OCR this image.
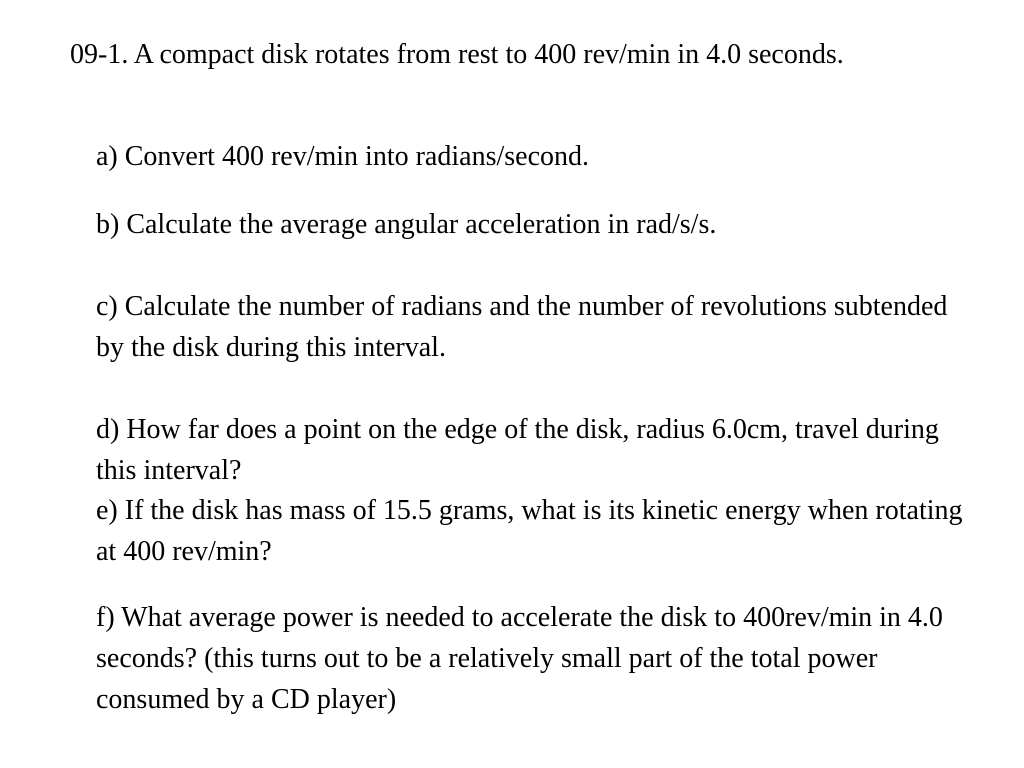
09-1. A compact disk rotates from rest to 400 rev/min in 4.0 seconds.

a) Convert 400 rev/min into radians/second.

b) Calculate the average angular acceleration in rad/s/s.

c) Calculate the number of radians and the number of revolutions subtended by the disk during this interval.

d) How far does a point on the edge of the disk, radius 6.0cm, travel during this interval?

e) If the disk has mass of 15.5 grams, what is its kinetic energy when rotating at 400 rev/min?

f) What average power is needed to accelerate the disk to 400rev/min in 4.0 seconds? (this turns out to be a relatively small part of the total power consumed by a CD player)
